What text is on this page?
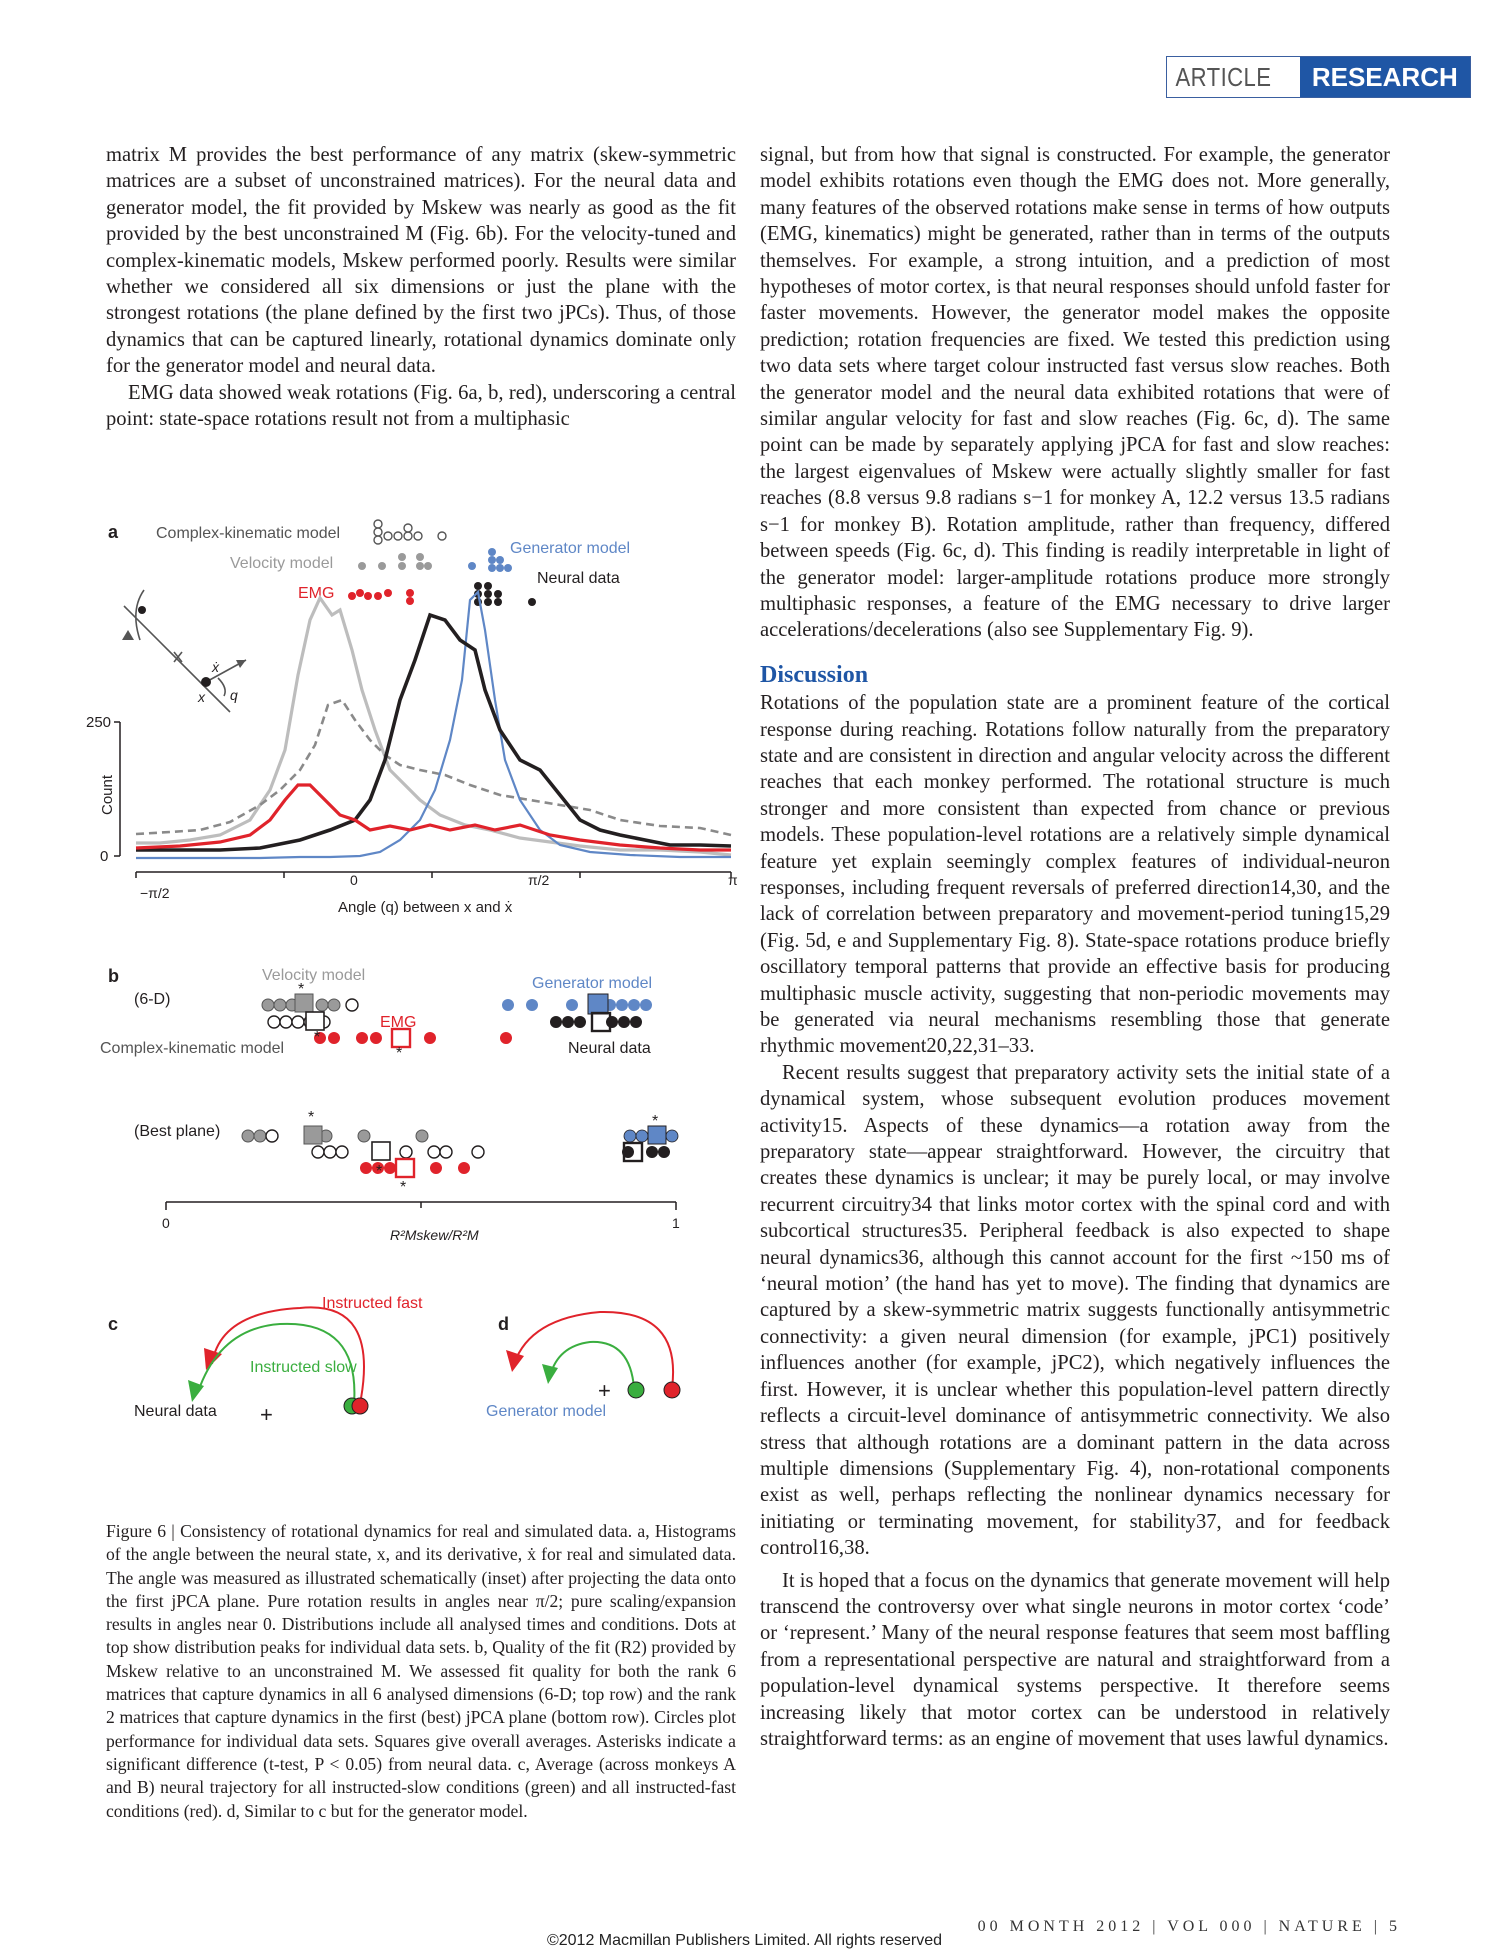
ARTICLE	RESEARCH

matrix M provides the best performance of any matrix (skew-symmetric matrices are a subset of unconstrained matrices). For the neural data and generator model, the fit provided by Mskew was nearly as good as the fit provided by the best unconstrained M (Fig. 6b). For the velocity-tuned and complex-kinematic models, Mskew performed poorly. Results were similar whether we considered all six dimensions or just the plane with the strongest rotations (the plane defined by the first two jPCs). Thus, of those dynamics that can be captured linearly, rotational dynamics dominate only for the generator model and neural data.

EMG data showed weak rotations (Fig. 6a, b, red), underscoring a central point: state-space rotations result not from a multiphasic

signal, but from how that signal is constructed. For example, the generator model exhibits rotations even though the EMG does not. More generally, many features of the observed rotations make sense in terms of how outputs (EMG, kinematics) might be generated, rather than in terms of the outputs themselves. For example, a strong intuition, and a prediction of most hypotheses of motor cortex, is that neural responses should unfold faster for faster movements. However, the generator model makes the opposite prediction; rotation frequencies are fixed. We tested this prediction using two data sets where target colour instructed fast versus slow reaches. Both the generator model and the neural data exhibited rotations that were of similar angular velocity for fast and slow reaches (Fig. 6c, d). The same point can be made by separately applying jPCA for fast and slow reaches: the largest eigenvalues of Mskew were actually slightly smaller for fast reaches (8.8 versus 9.8 radians s−1 for monkey A, 12.2 versus 13.5 radians s−1 for monkey B). Rotation amplitude, rather than frequency, differed between speeds (Fig. 6c, d). This finding is readily interpretable in light of the generator model: larger-amplitude rotations produce more strongly multiphasic responses, a feature of the EMG necessary to drive larger accelerations/decelerations (also see Supplementary Fig. 9).

Discussion

Rotations of the population state are a prominent feature of the cortical response during reaching. Rotations follow naturally from the preparatory state and are consistent in direction and angular velocity across the different reaches that each monkey performed. The rotational structure is much stronger and more consistent than expected from chance or previous models. These population-level rotations are a relatively simple dynamical feature yet explain seemingly complex features of individual-neuron responses, including frequent reversals of preferred direction14,30, and the lack of correlation between preparatory and movement-period tuning15,29 (Fig. 5d, e and Supplementary Fig. 8). State-space rotations produce briefly oscillatory temporal patterns that provide an effective basis for producing multiphasic muscle activity, suggesting that non-periodic movements may be generated via neural mechanisms resembling those that generate rhythmic movement20,22,31–33.

Recent results suggest that preparatory activity sets the initial state of a dynamical system, whose subsequent evolution produces movement activity15. Aspects of these dynamics—a rotation away from the preparatory state—appear straightforward. However, the circuitry that creates these dynamics is unclear; it may be purely local, or may involve recurrent circuitry34 that links motor cortex with the spinal cord and with subcortical structures35. Peripheral feedback is also expected to shape neural dynamics36, although this cannot account for the first ~150 ms of ‘neural motion’ (the hand has yet to move). The finding that dynamics are captured by a skew-symmetric matrix suggests functionally antisymmetric connectivity: a given neural dimension (for example, jPC1) positively influences another (for example, jPC2), which negatively influences the first. However, it is unclear whether this population-level pattern directly reflects a circuit-level dominance of antisymmetric connectivity. We also stress that although rotations are a dominant pattern in the data across multiple dimensions (Supplementary Fig. 4), non-rotational components exist as well, perhaps reflecting the nonlinear dynamics necessary for initiating or terminating movement, for stability37, and for feedback control16,38.

It is hoped that a focus on the dynamics that generate movement will help transcend the controversy over what single neurons in motor cortex ‘code’ or ‘represent.’ Many of the neural response features that seem most baffling from a representational perspective are natural and straightforward from a population-level dynamical systems perspective. It therefore seems increasing likely that motor cortex can be understood in relatively straightforward terms: as an engine of movement that uses lawful dynamics.

a Complex-kinematic model
Velocity model
EMG
Generator model
Neural data
ẋ
x q
250
0
Count
−π/2
0	π/2	π
Angle (q) between x and ẋ
b
(6-D)
(Best plane)
Velocity model	Generator model
EMG
Complex-kinematic model	Neural data
*
*
*
*
*
*
*
0	1
R²Mskew/R²M
c
Instructed fast
Instructed slow
Neural data +
d
Generator model
+
Figure 6 | Consistency of rotational dynamics for real and simulated data. a, Histograms of the angle between the neural state, x, and its derivative, ẋ for real and simulated data. The angle was measured as illustrated schematically (inset) after projecting the data onto the first jPCA plane. Pure rotation results in angles near π/2; pure scaling/expansion results in angles near 0. Distributions include all analysed times and conditions. Dots at top show distribution peaks for individual data sets. b, Quality of the fit (R2) provided by Mskew relative to an unconstrained M. We assessed fit quality for both the rank 6 matrices that capture dynamics in all 6 analysed dimensions (6-D; top row) and the rank 2 matrices that capture dynamics in the first (best) jPCA plane (bottom row). Circles plot performance for individual data sets. Squares give overall averages. Asterisks indicate a significant difference (t-test, P < 0.05) from neural data. c, Average (across monkeys A and B) neural trajectory for all instructed-slow conditions (green) and all instructed-fast conditions (red). d, Similar to c but for the generator model.
00 MONTH 2012 | VOL 000 | NATURE | 5
©2012 Macmillan Publishers Limited. All rights reserved
